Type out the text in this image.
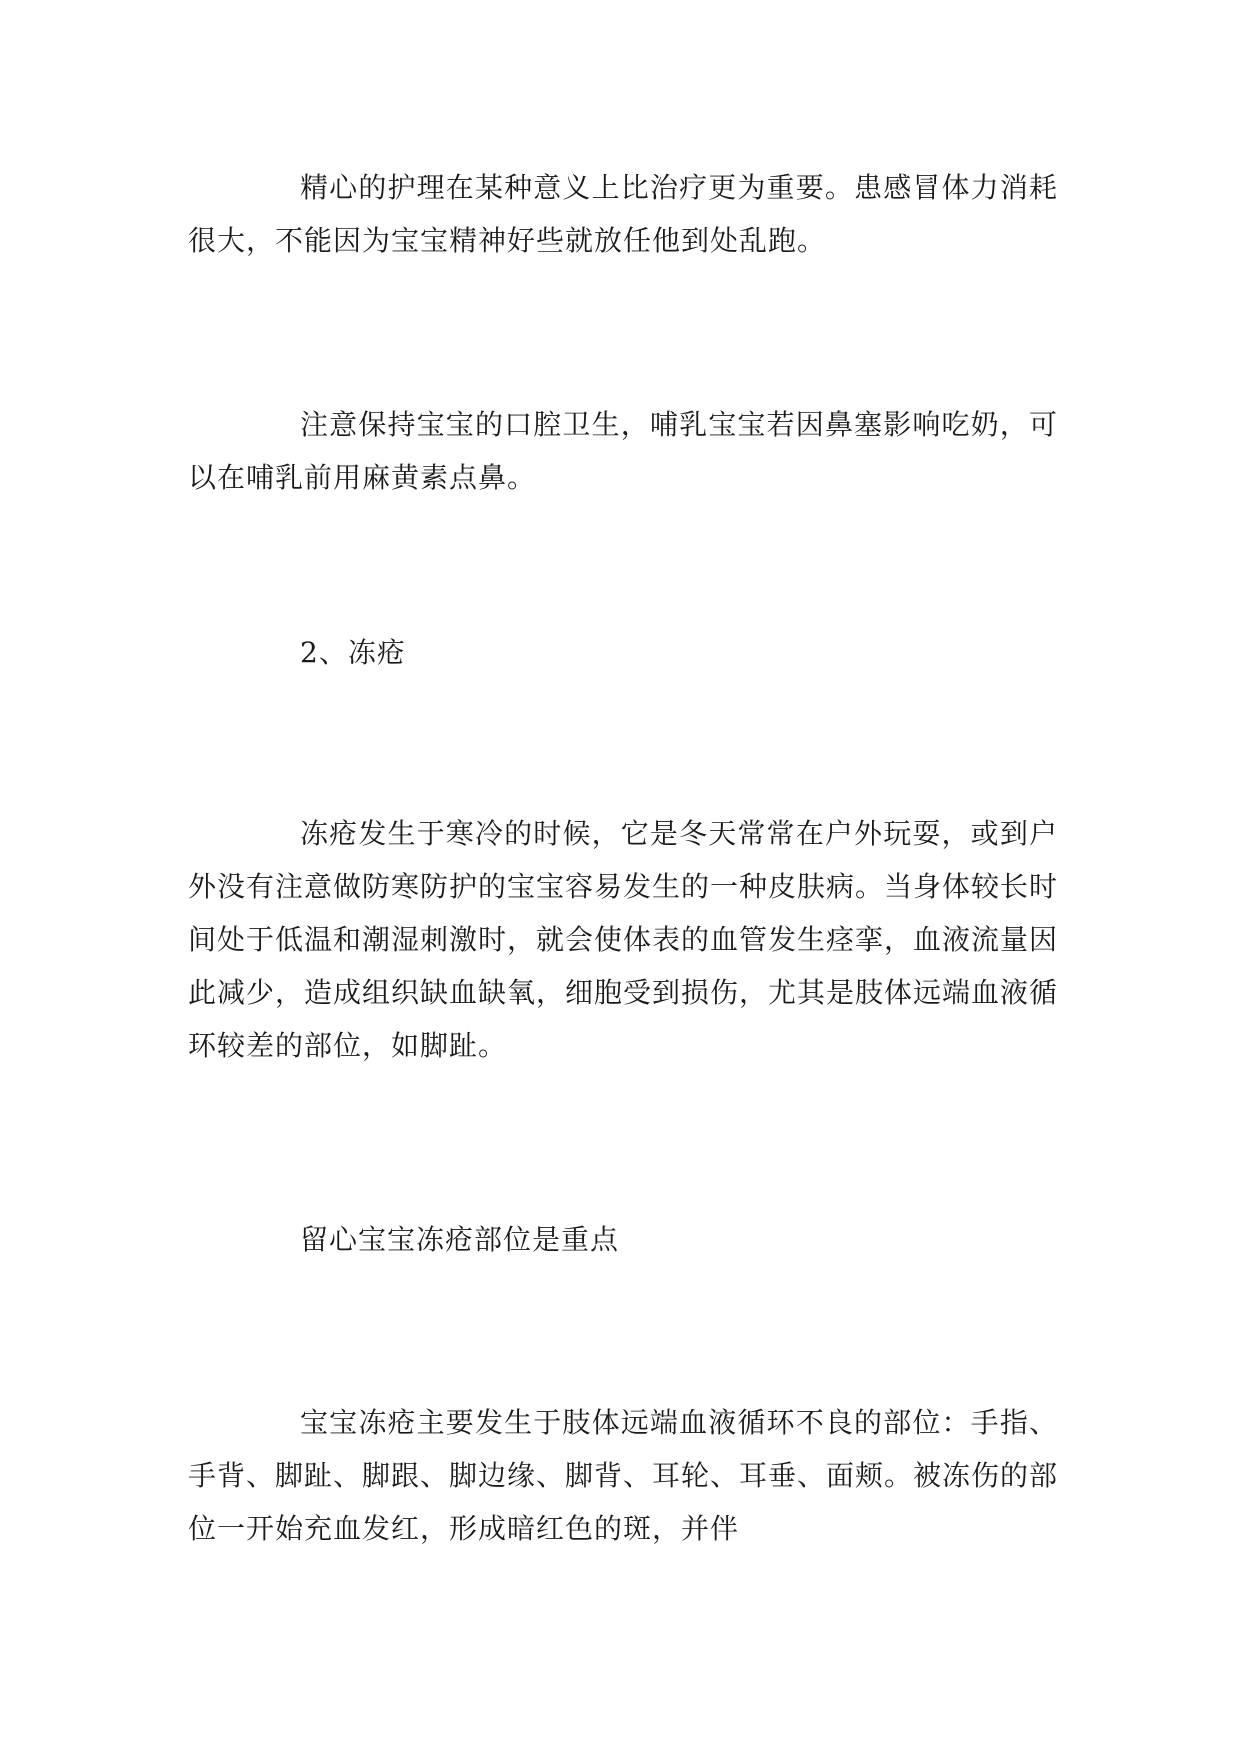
精心的护理在某种意义上比治疗更为重要。患感冒体力消耗很大，不能因为宝宝精神好些就放任他到处乱跑。

注意保持宝宝的口腔卫生，哺乳宝宝若因鼻塞影响吃奶，可以在哺乳前用麻黄素点鼻。

2、冻疮

冻疮发生于寒冷的时候，它是冬天常常在户外玩耍，或到户外没有注意做防寒防护的宝宝容易发生的一种皮肤病。当身体较长时间处于低温和潮湿刺激时，就会使体表的血管发生痉挛，血液流量因此减少，造成组织缺血缺氧，细胞受到损伤，尤其是肢体远端血液循环较差的部位，如脚趾。

留心宝宝冻疮部位是重点

宝宝冻疮主要发生于肢体远端血液循环不良的部位：手指、手背、脚趾、脚跟、脚边缘、脚背、耳轮、耳垂、面颊。被冻伤的部位一开始充血发红，形成暗红色的斑，并伴
